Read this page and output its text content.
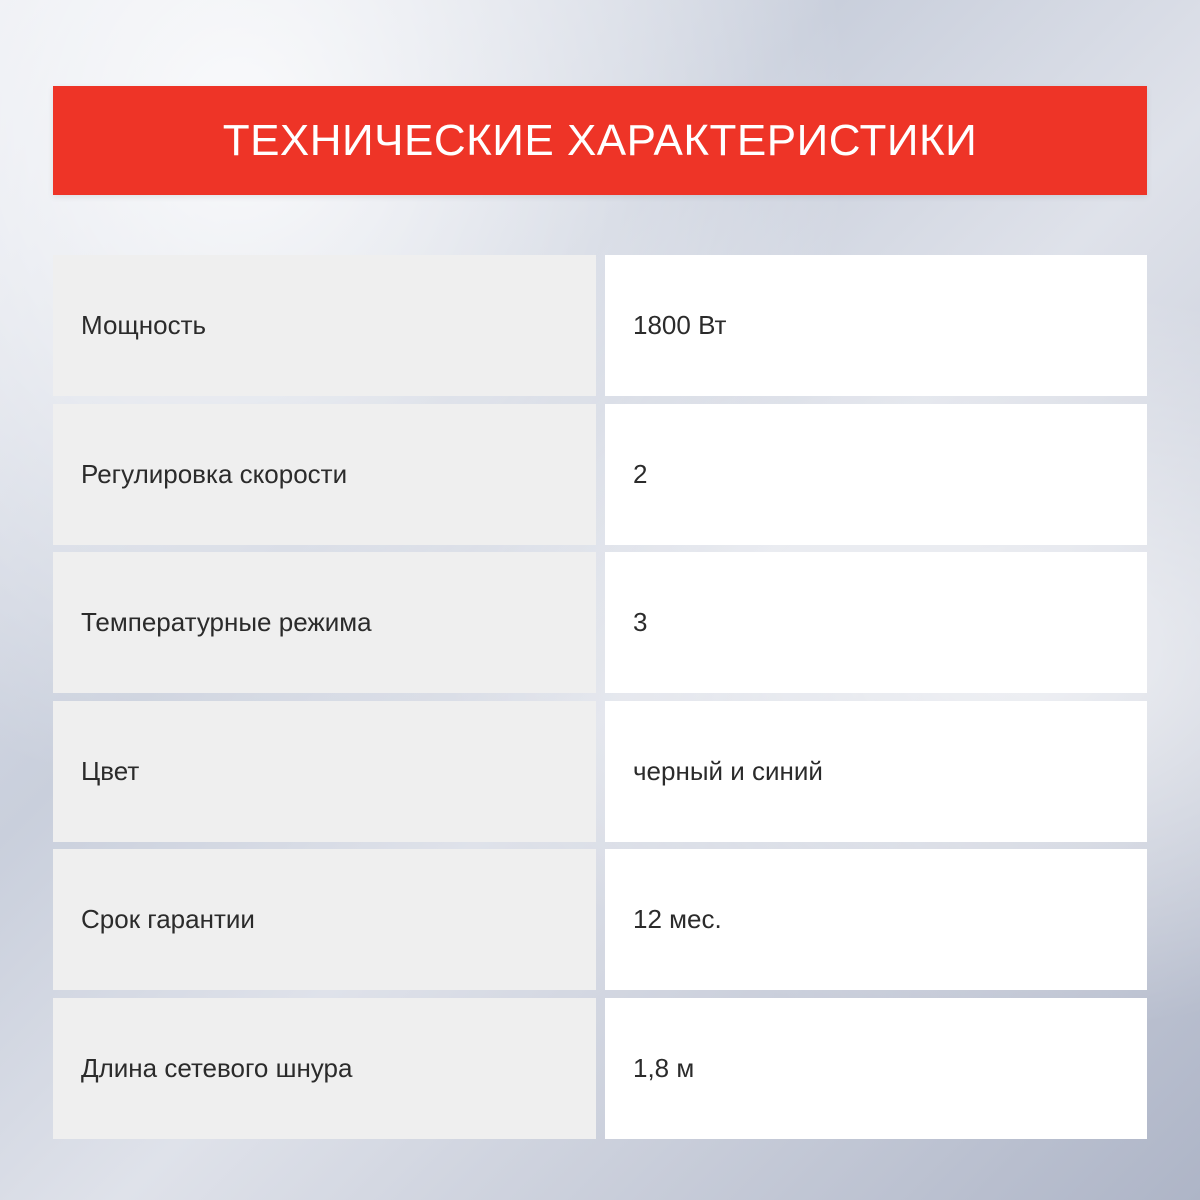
ТЕХНИЧЕСКИЕ ХАРАКТЕРИСТИКИ
Мощность	1800 Вт
Регулировка скорости	2
Температурные режима	3
Цвет	черный и синий
Срок гарантии	12 мес.
Длина сетевого шнура	1,8 м
